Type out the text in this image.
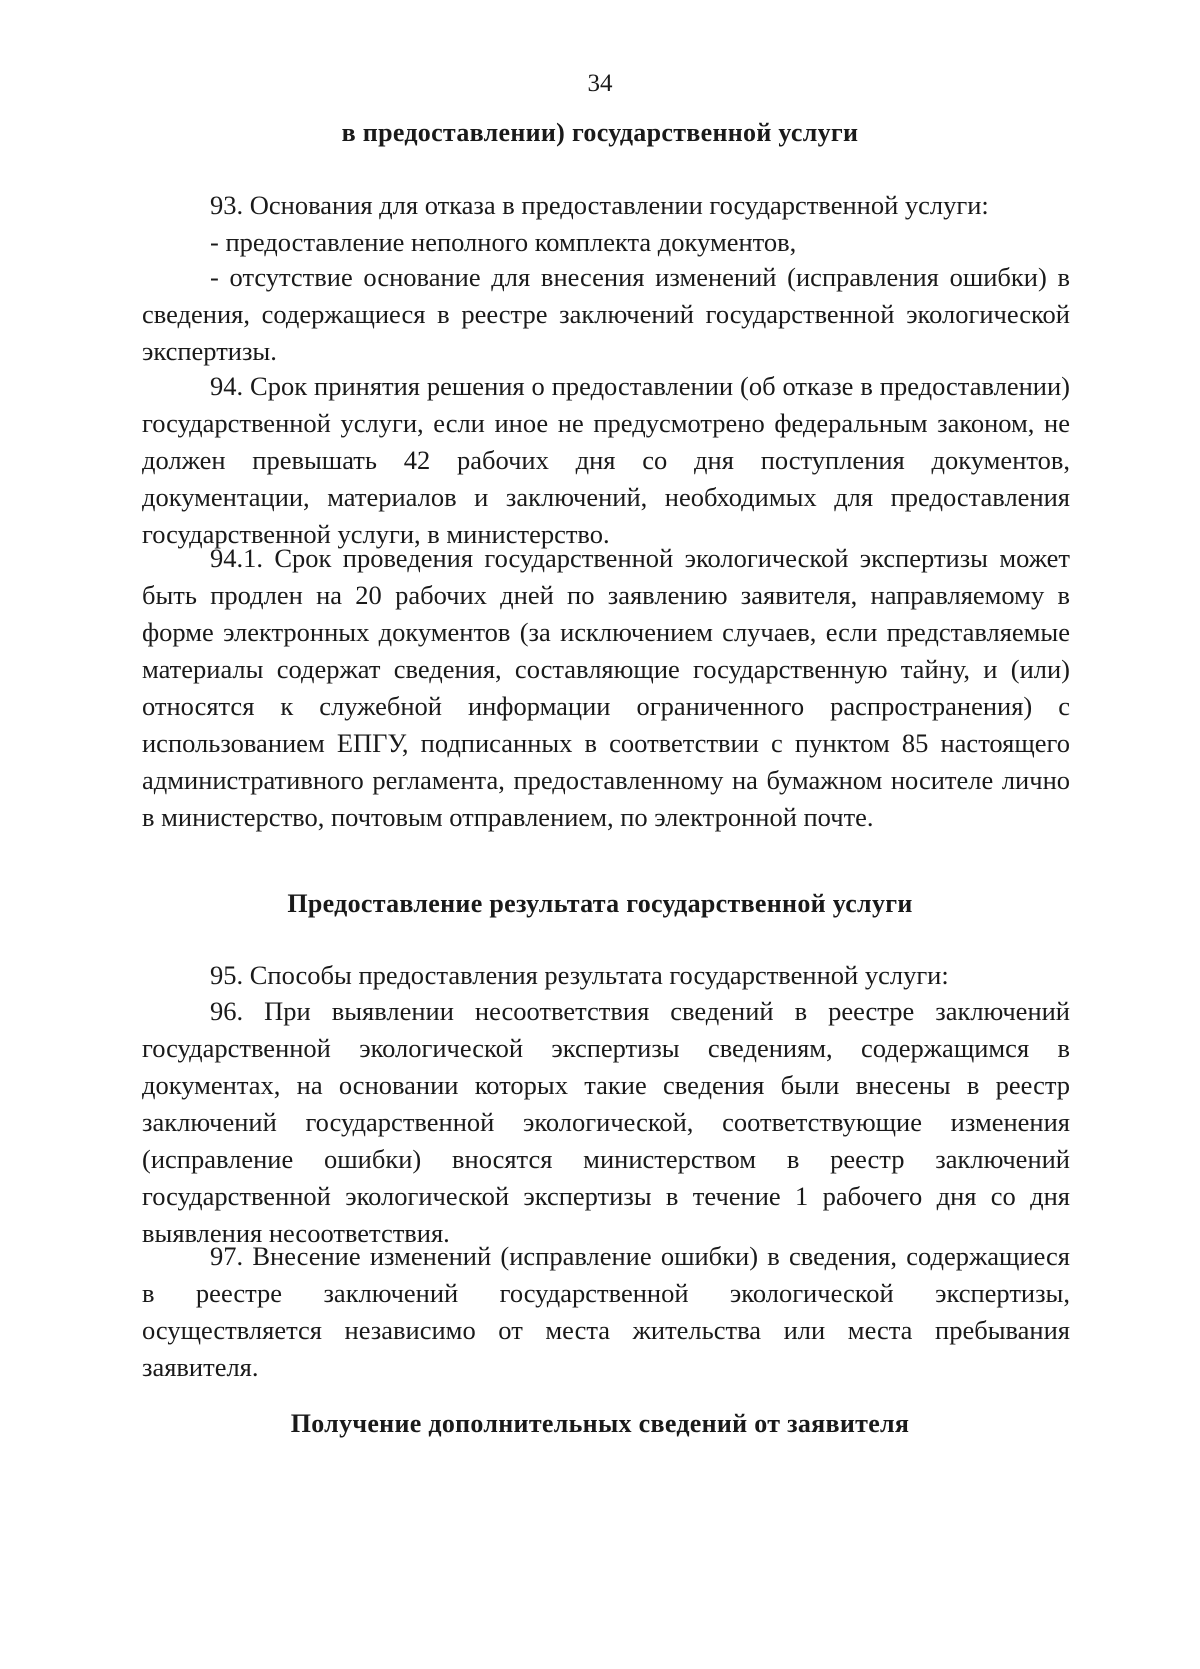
34
в предоставлении) государственной услуги
93. Основания для отказа в предоставлении государственной услуги:
- предоставление неполного комплекта документов,

- отсутствие основание для внесения изменений (исправления ошибки) в сведения, содержащиеся в реестре заключений государственной экологической экспертизы.

94. Срок принятия решения о предоставлении (об отказе в предоставлении) государственной услуги, если иное не предусмотрено федеральным законом, не должен превышать 42 рабочих дня со дня поступления документов, документации, материалов и заключений, необходимых для предоставления государственной услуги, в министерство.

94.1. Срок проведения государственной экологической экспертизы может быть продлен на 20 рабочих дней по заявлению заявителя, направляемому в форме электронных документов (за исключением случаев, если представляемые материалы содержат сведения, составляющие государственную тайну, и (или) относятся к служебной информации ограниченного распространения) с использованием ЕПГУ, подписанных в соответствии с пунктом 85 настоящего административного регламента, предоставленному на бумажном носителе лично в министерство, почтовым отправлением, по электронной почте.

Предоставление результата государственной услуги
95. Способы предоставления результата государственной услуги:

96. При выявлении несоответствия сведений в реестре заключений государственной экологической экспертизы сведениям, содержащимся в документах, на основании которых такие сведения были внесены в реестр заключений государственной экологической, соответствующие изменения (исправление ошибки) вносятся министерством в реестр заключений государственной экологической экспертизы в течение 1 рабочего дня со дня выявления несоответствия.

97. Внесение изменений (исправление ошибки) в сведения, содержащиеся в реестре заключений государственной экологической экспертизы, осуществляется независимо от места жительства или места пребывания заявителя.

Получение дополнительных сведений от заявителя
